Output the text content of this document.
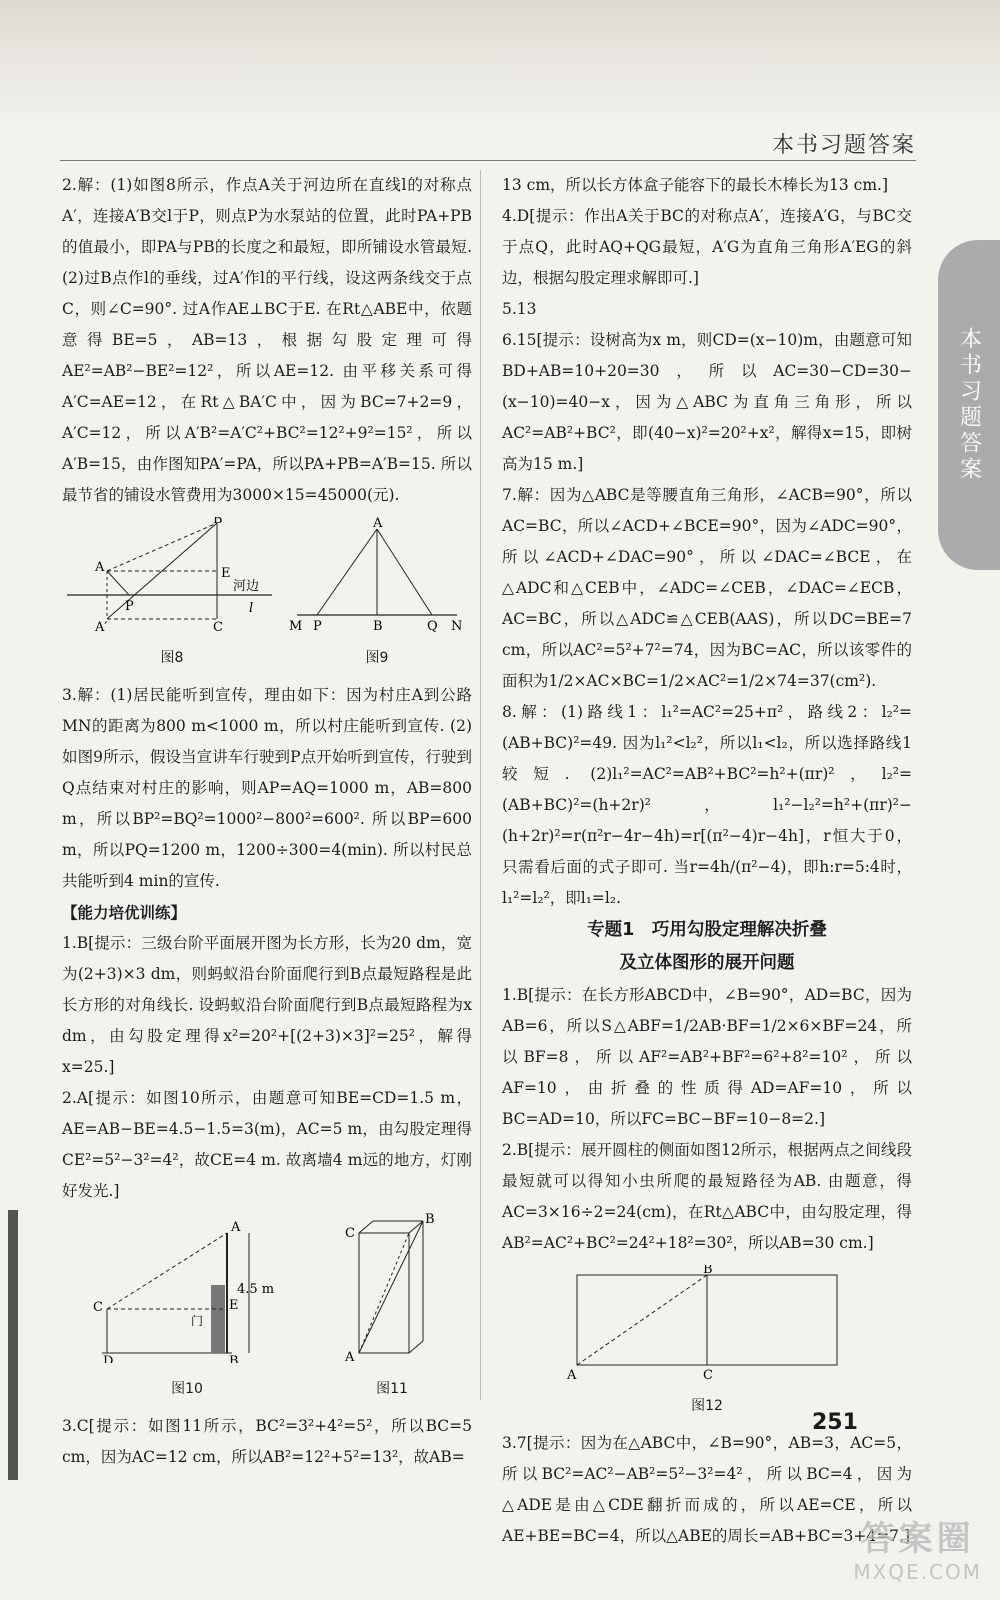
本书习题答案
本书习题答案

2.解：(1)如图8所示，作点A关于河边所在直线l的对称点A′，连接A′B交l于P，则点P为水泵站的位置，此时PA+PB的值最小，即PA与PB的长度之和最短，即所铺设水管最短. (2)过B点作l的垂线，过A′作l的平行线，设这两条线交于点C，则∠C=90°. 过A作AE⊥BC于E. 在Rt△ABE中，依题意得BE=5，AB=13，根据勾股定理可得AE²=AB²−BE²=12²，所以AE=12. 由平移关系可得A′C=AE=12，在Rt△BA′C中，因为BC=7+2=9，A′C=12，所以A′B²=A′C²+BC²=12²+9²=15²，所以A′B=15，由作图知PA′=PA，所以PA+PB=A′B=15. 所以最节省的铺设水管费用为3000×15=45000(元).

A
B
E
P
A′	C
河边
l
图8
A
M P	B	Q N
图9

3.解：(1)居民能听到宣传，理由如下：因为村庄A到公路MN的距离为800 m<1000 m，所以村庄能听到宣传. (2)如图9所示，假设当宣讲车行驶到P点开始听到宣传，行驶到Q点结束对村庄的影响，则AP=AQ=1000 m，AB=800 m，所以BP²=BQ²=1000²−800²=600². 所以BP=600 m，所以PQ=1200 m，1200÷300=4(min). 所以村民总共能听到4 min的宣传.

【能力培优训练】

1.B[提示：三级台阶平面展开图为长方形，长为20 dm，宽为(2+3)×3 dm，则蚂蚁沿台阶面爬行到B点最短路程是此长方形的对角线长. 设蚂蚁沿台阶面爬行到B点最短路程为x dm，由勾股定理得x²=20²+[(2+3)×3]²=25²，解得x=25.]

2.A[提示：如图10所示，由题意可知BE=CD=1.5 m，AE=AB−BE=4.5−1.5=3(m)，AC=5 m，由勾股定理得CE²=5²−3²=4²，故CE=4 m. 故离墙4 m远的地方，灯刚好发光.]

A
C	E
D	B
门
4.5 m
图10
C
B
A
图11

3.C[提示：如图11所示，BC²=3²+4²=5²，所以BC=5 cm，因为AC=12 cm，所以AB²=12²+5²=13²，故AB=

13 cm，所以长方体盒子能容下的最长木棒长为13 cm.]

4.D[提示：作出A关于BC的对称点A′，连接A′G，与BC交于点Q，此时AQ+QG最短，A′G为直角三角形A′EG的斜边，根据勾股定理求解即可.]

5.13

6.15[提示：设树高为x m，则CD=(x−10)m，由题意可知BD+AB=10+20=30，所以AC=30−CD=30−(x−10)=40−x，因为△ABC为直角三角形，所以AC²=AB²+BC²，即(40−x)²=20²+x²，解得x=15，即树高为15 m.]

7.解：因为△ABC是等腰直角三角形，∠ACB=90°，所以AC=BC，所以∠ACD+∠BCE=90°，因为∠ADC=90°，所以∠ACD+∠DAC=90°，所以∠DAC=∠BCE，在△ADC和△CEB中，∠ADC=∠CEB，∠DAC=∠ECB，AC=BC，所以△ADC≌△CEB(AAS)，所以DC=BE=7 cm，所以AC²=5²+7²=74，因为BC=AC，所以该零件的面积为1/2×AC×BC=1/2×AC²=1/2×74=37(cm²).

8.解：(1)路线1：l₁²=AC²=25+π²，路线2：l₂²=(AB+BC)²=49. 因为l₁²<l₂²，所以l₁<l₂，所以选择路线1较短. (2)l₁²=AC²=AB²+BC²=h²+(πr)²，l₂²=(AB+BC)²=(h+2r)²，l₁²−l₂²=h²+(πr)²−(h+2r)²=r(π²r−4r−4h)=r[(π²−4)r−4h]，r恒大于0，只需看后面的式子即可. 当r=4h/(π²−4)，即h:r=5:4时，l₁²=l₂²，即l₁=l₂.

专题1　巧用勾股定理解决折叠
及立体图形的展开问题

1.B[提示：在长方形ABCD中，∠B=90°，AD=BC，因为AB=6，所以S△ABF=1/2AB·BF=1/2×6×BF=24，所以BF=8，所以AF²=AB²+BF²=6²+8²=10²，所以AF=10，由折叠的性质得AD=AF=10，所以BC=AD=10，所以FC=BC−BF=10−8=2.]

2.B[提示：展开圆柱的侧面如图12所示，根据两点之间线段最短就可以得知小虫所爬的最短路径为AB. 由题意，得AC=3×16÷2=24(cm)，在Rt△ABC中，由勾股定理，得AB²=AC²+BC²=24²+18²=30²，所以AB=30 cm.]

A
B
C
图12

3.7[提示：因为在△ABC中，∠B=90°，AB=3，AC=5，所以BC²=AC²−AB²=5²−3²=4²，所以BC=4，因为△ADE是由△CDE翻折而成的，所以AE=CE，所以AE+BE=BC=4，所以△ABE的周长=AB+BC=3+4=7.]

251
答案圈
MXQE.COM
